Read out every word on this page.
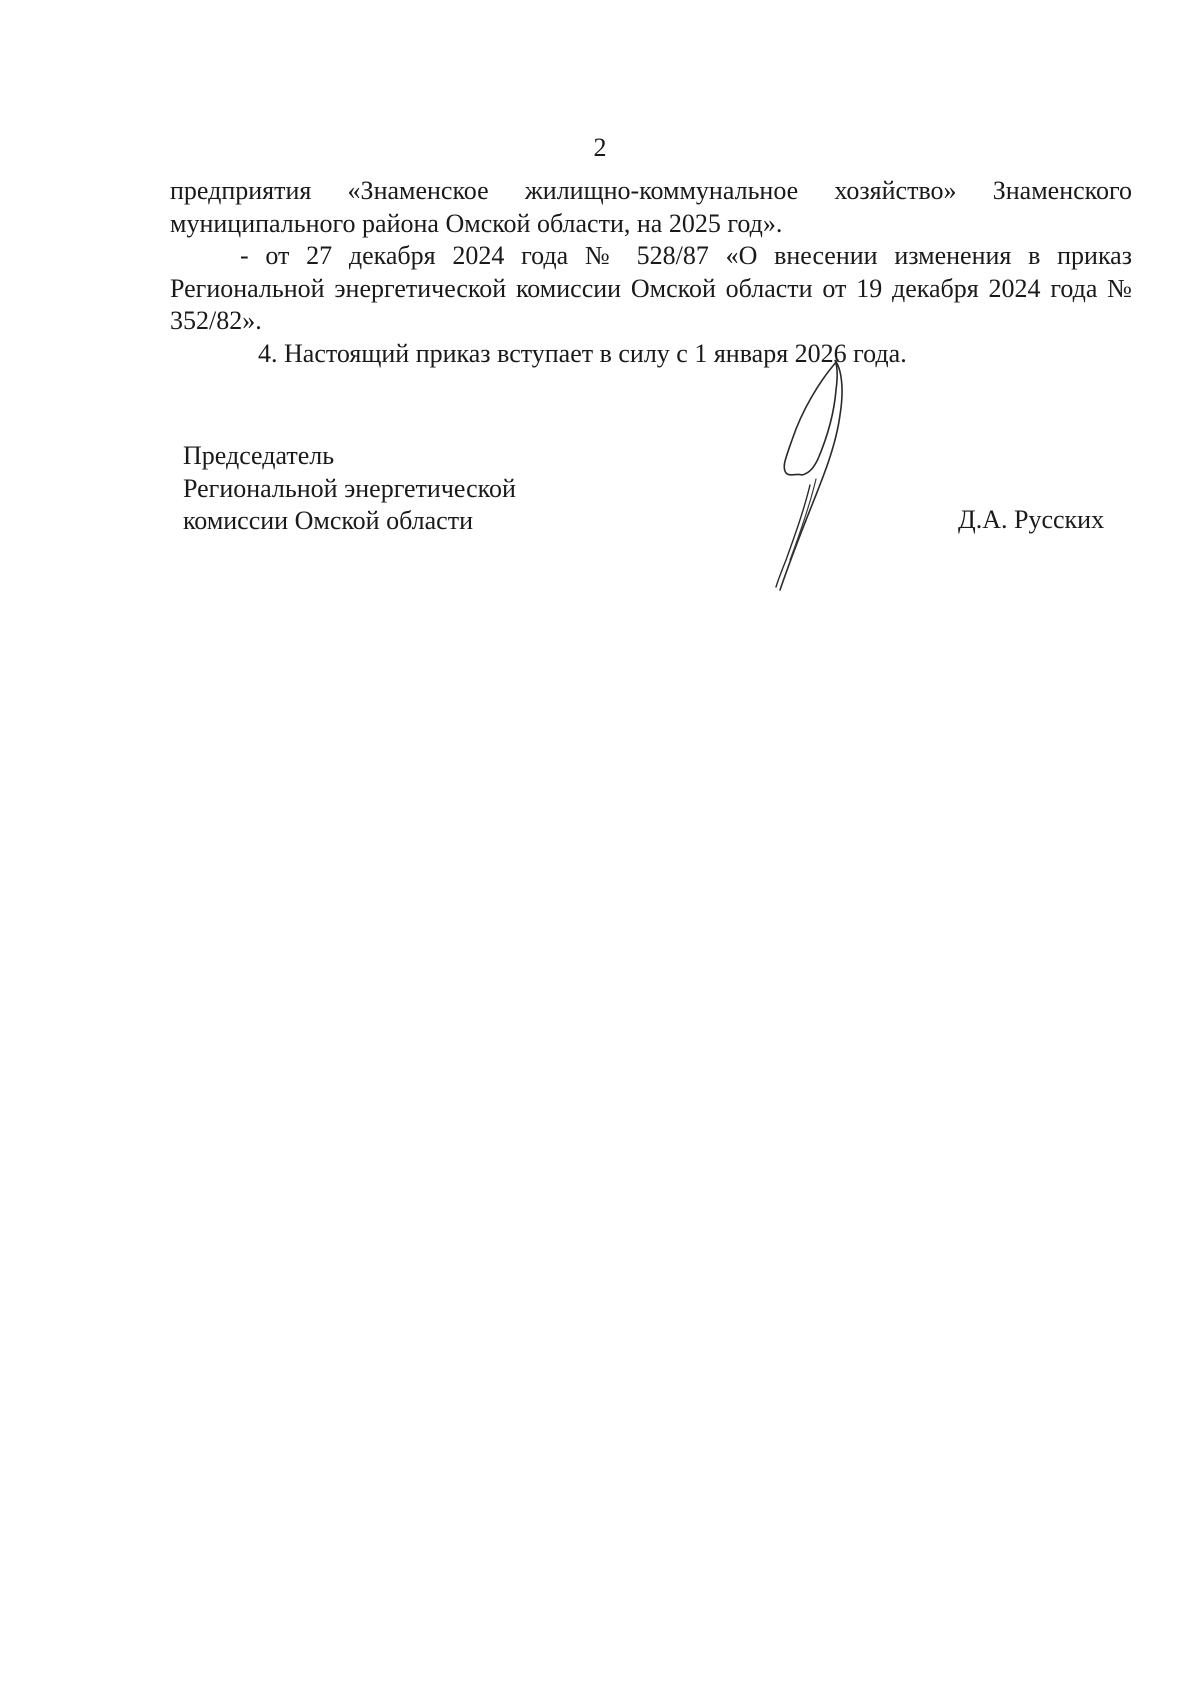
2

предприятия «Знаменское жилищно-коммунальное хозяйство» Знаменского муниципального района Омской области, на 2025 год».

- от 27 декабря 2024 года № 528/87 «О внесении изменения в приказ Региональной энергетической комиссии Омской области от 19 декабря 2024 года № 352/82».

4. Настоящий приказ вступает в силу с 1 января 2026 года.

Председатель
Региональной энергетической
комиссии Омской области	Д.А. Русских
